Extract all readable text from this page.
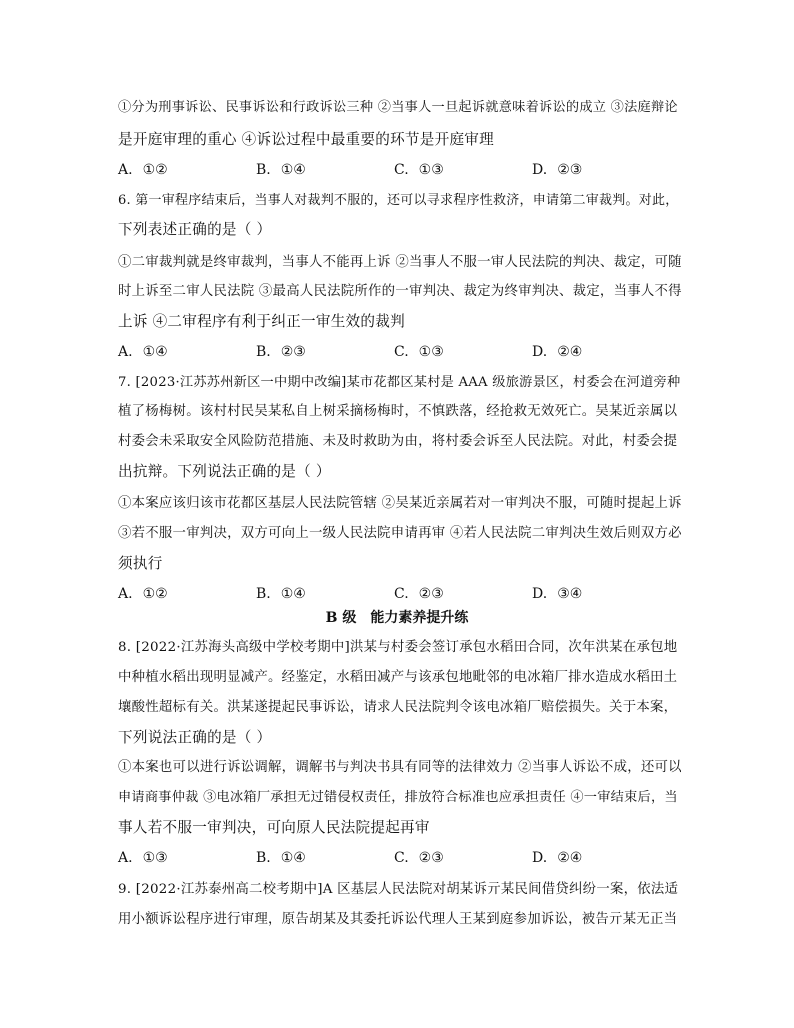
①分为刑事诉讼、民事诉讼和行政诉讼三种 ②当事人一旦起诉就意味着诉讼的成立 ③法庭辩论
是开庭审理的重心 ④诉讼过程中最重要的环节是开庭审理
A. ①②	B. ①④	C. ①③	D. ②③
6. 第一审程序结束后，当事人对裁判不服的，还可以寻求程序性救济，申请第二审裁判。对此，
下列表述正确的是（ ）
①二审裁判就是终审裁判，当事人不能再上诉 ②当事人不服一审人民法院的判决、裁定，可随
时上诉至二审人民法院 ③最高人民法院所作的一审判决、裁定为终审判决、裁定，当事人不得
上诉 ④二审程序有利于纠正一审生效的裁判
A. ①④	B. ②③	C. ①③	D. ②④
7. [2023·江苏苏州新区一中期中改编]某市花都区某村是 AAA 级旅游景区，村委会在河道旁种
植了杨梅树。该村村民吴某私自上树采摘杨梅时，不慎跌落，经抢救无效死亡。吴某近亲属以
村委会未采取安全风险防范措施、未及时救助为由，将村委会诉至人民法院。对此，村委会提
出抗辩。下列说法正确的是（ ）
①本案应该归该市花都区基层人民法院管辖 ②吴某近亲属若对一审判决不服，可随时提起上诉
③若不服一审判决，双方可向上一级人民法院申请再审 ④若人民法院二审判决生效后则双方必
须执行
A. ①②	B. ①④	C. ②③	D. ③④
B 级　能力素养提升练
8. [2022·江苏海头高级中学校考期中]洪某与村委会签订承包水稻田合同，次年洪某在承包地
中种植水稻出现明显减产。经鉴定，水稻田减产与该承包地毗邻的电冰箱厂排水造成水稻田土
壤酸性超标有关。洪某遂提起民事诉讼，请求人民法院判令该电冰箱厂赔偿损失。关于本案，
下列说法正确的是（ ）
①本案也可以进行诉讼调解，调解书与判决书具有同等的法律效力 ②当事人诉讼不成，还可以
申请商事仲裁 ③电冰箱厂承担无过错侵权责任，排放符合标准也应承担责任 ④一审结束后，当
事人若不服一审判决，可向原人民法院提起再审
A. ①③	B. ①④	C. ②③	D. ②④
9. [2022·江苏泰州高二校考期中]A 区基层人民法院对胡某诉亓某民间借贷纠纷一案，依法适
用小额诉讼程序进行审理，原告胡某及其委托诉讼代理人王某到庭参加诉讼，被告亓某无正当
